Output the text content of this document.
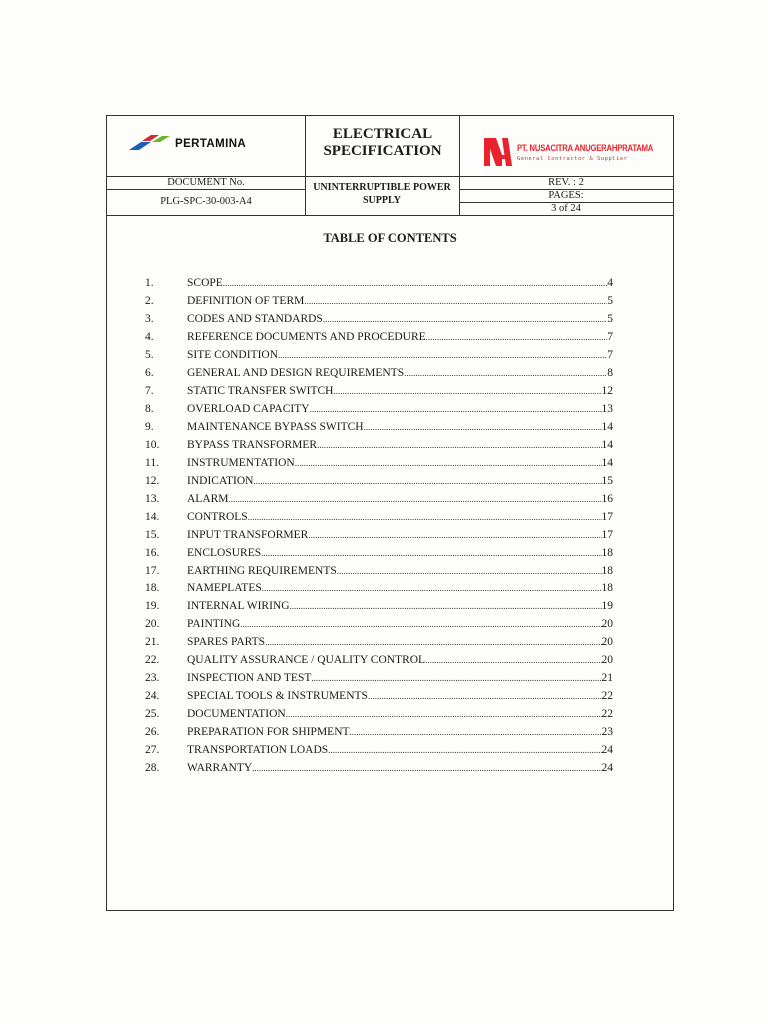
PERTAMINA
ELECTRICAL SPECIFICATION	PT. NUSACITRA ANUGERAHPRATAMA
General Contractor & Supplier
DOCUMENT No.
PLG-SPC-30-003-A4
UNINTERRUPTIBLE POWER SUPPLY
REV. : 2
PAGES:
3 of 24
TABLE OF CONTENTS
1.	SCOPE .....	4
2.	DEFINITION OF TERM .....	5
3.	CODES AND STANDARDS .....	5
4.	REFERENCE DOCUMENTS AND PROCEDURE .....	7
5.	SITE CONDITION .....	7
6.	GENERAL AND DESIGN REQUIREMENTS .....	8
7.	STATIC TRANSFER SWITCH .....	12
8.	OVERLOAD CAPACITY .....	13
9.	MAINTENANCE BYPASS SWITCH .....	14
10.	BYPASS TRANSFORMER .....	14
11.	INSTRUMENTATION .....	14
12.	INDICATION .....	15
13.	ALARM .....	16
14.	CONTROLS .....	17
15.	INPUT TRANSFORMER .....	17
16.	ENCLOSURES .....	18
17.	EARTHING REQUIREMENTS .....	18
18.	NAMEPLATES .....	18
19.	INTERNAL WIRING .....	19
20.	PAINTING .....	20
21.	SPARES PARTS .....	20
22.	QUALITY ASSURANCE / QUALITY CONTROL .....	20
23.	INSPECTION AND TEST .....	21
24.	SPECIAL TOOLS & INSTRUMENTS .....	22
25.	DOCUMENTATION .....	22
26.	PREPARATION FOR SHIPMENT .....	23
27.	TRANSPORTATION LOADS .....	24
28.	WARRANTY .....	24
